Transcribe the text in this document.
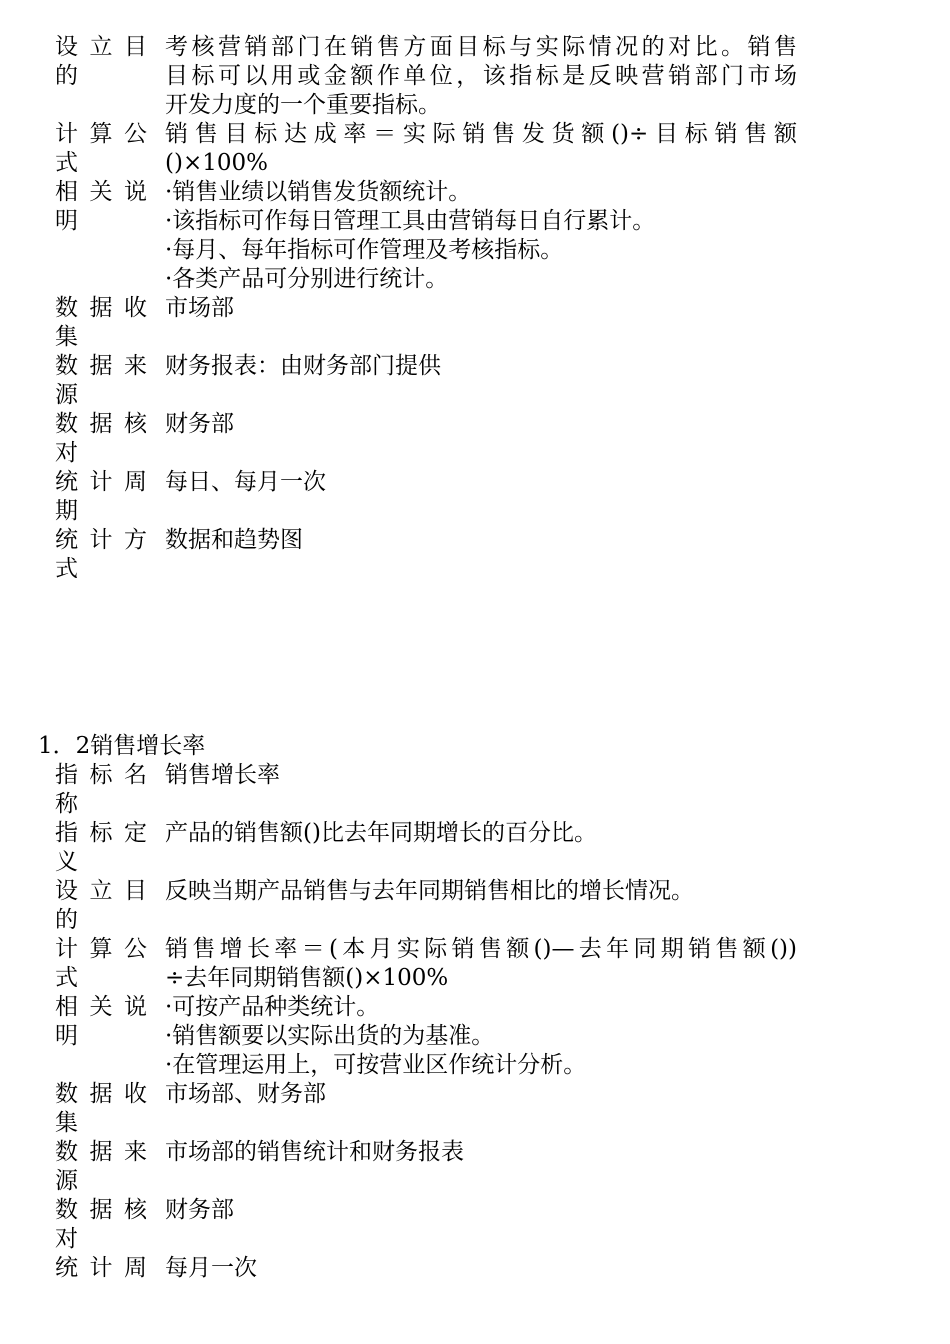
设立目
的
考核营销部门在销售方面目标与实际情况的对比。销售
目标可以用或金额作单位，该指标是反映营销部门市场
开发力度的一个重要指标。
计算公
式
销售目标达成率＝实际销售发货额()÷目标销售额
()×100%
相关说
明
·销售业绩以销售发货额统计。
·该指标可作每日管理工具由营销每日自行累计。
·每月、每年指标可作管理及考核指标。
·各类产品可分别进行统计。
数据收
集
市场部
数据来
源
财务报表：由财务部门提供
数据核
对
财务部
统计周
期
每日、每月一次
统计方
式
数据和趋势图
1．2销售增长率
指标名
称
销售增长率
指标定
义
产品的销售额()比去年同期增长的百分比。
设立目
的
反映当期产品销售与去年同期销售相比的增长情况。
计算公
式
销售增长率＝(本月实际销售额()—去年同期销售额())
÷去年同期销售额()×100%
相关说
明
·可按产品种类统计。
·销售额要以实际出货的为基准。
·在管理运用上，可按营业区作统计分析。
数据收
集
市场部、财务部
数据来
源
市场部的销售统计和财务报表
数据核
对
财务部
统计周 每月一次
